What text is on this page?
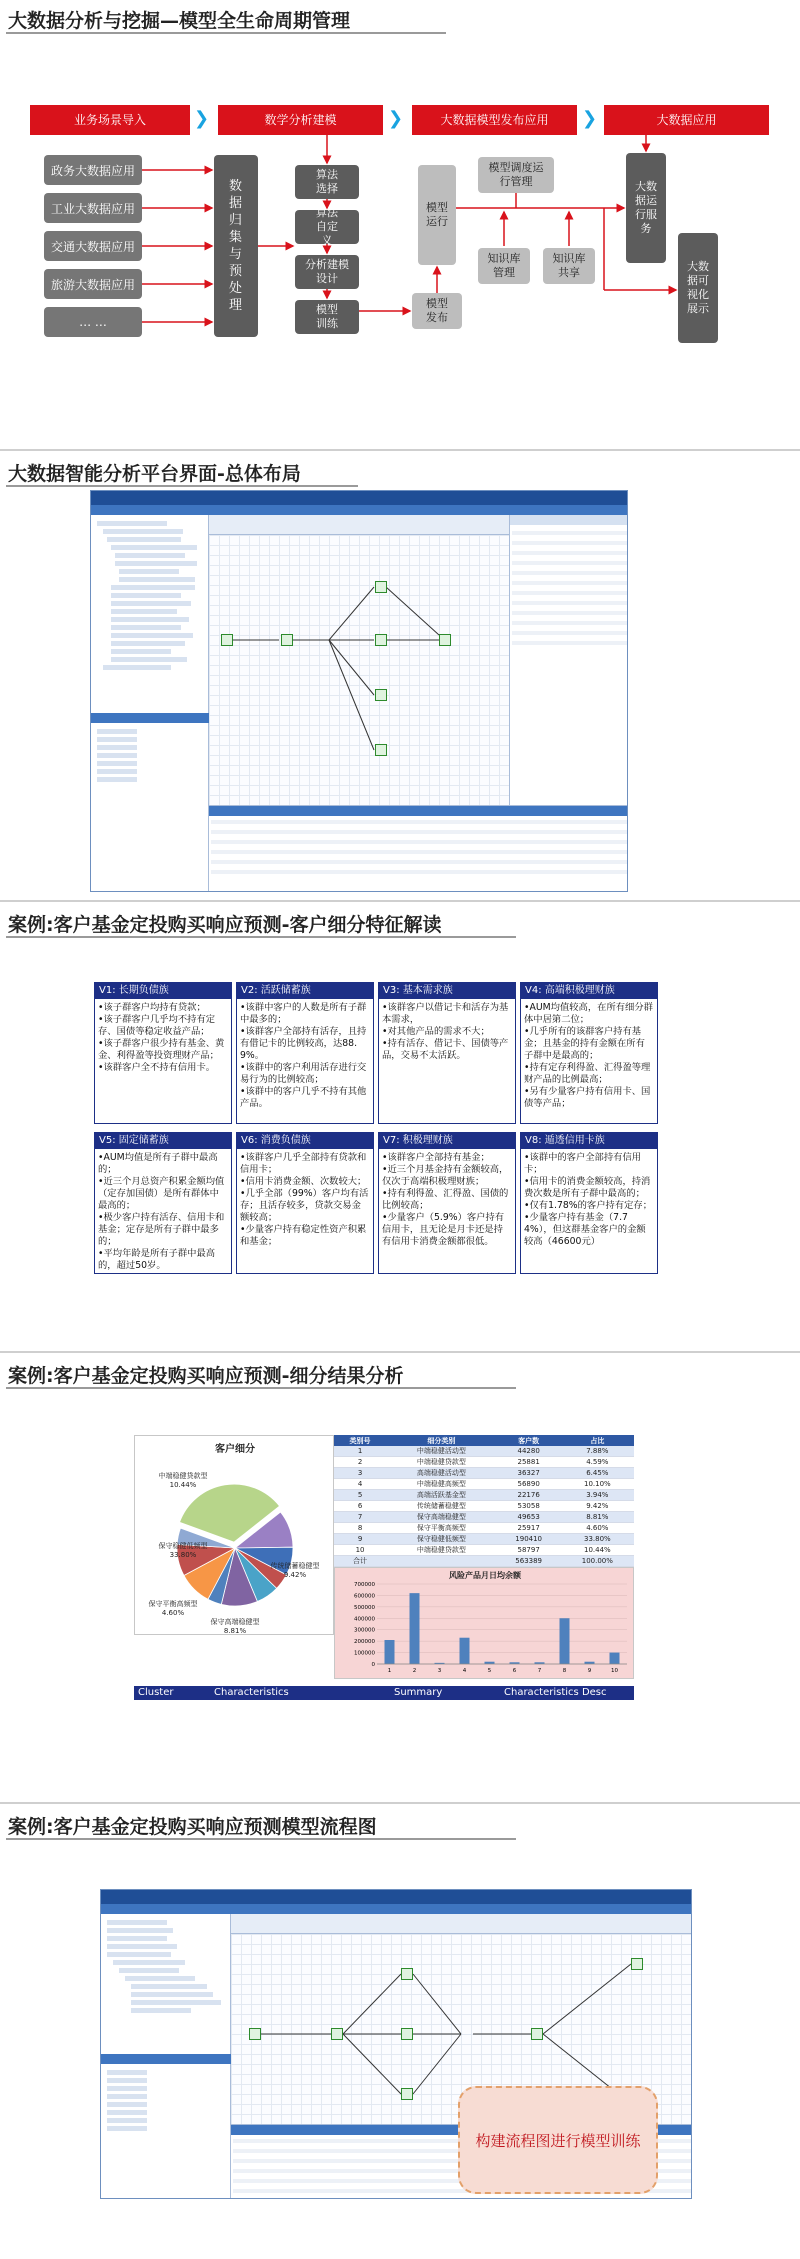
大数据分析与挖掘—模型全生命周期管理
业务场景导入	❯	数学分析建模	❯	大数据模型发布应用	❯	大数据应用
政务大数据应用
工业大数据应用
交通大数据应用
旅游大数据应用
… …
数据归集与预处理
算法选择
算法自定义
分析建模设计
模型训练
模型运行
模型调度运行管理
知识库管理
知识库共享
模型发布
大数据运行服务
大数据可视化展示
大数据智能分析平台界面-总体布局
案例:客户基金定投购买响应预测-客户细分特征解读
V1: 长期负债族
•该子群客户均持有贷款；
•该子群客户几乎均不持有定存、国债等稳定收益产品；
•该子群客户很少持有基金、黄金、利得盈等投资理财产品；
•该群客户全不持有信用卡。
V2: 活跃储蓄族
•该群中客户的人数是所有子群中最多的；
•该群客户全部持有活存，且持有借记卡的比例较高，达88.9%。
•该群中的客户利用活存进行交易行为的比例较高；
•该群中的客户几乎不持有其他产品。
V3: 基本需求族
•该群客户以借记卡和活存为基本需求，
•对其他产品的需求不大；
•持有活存、借记卡、国债等产品，交易不太活跃。
V4: 高端积极理财族
•AUM均值较高，在所有细分群体中居第二位；
•几乎所有的该群客户持有基金；且基金的持有金额在所有子群中是最高的；
•持有定存利得盈、汇得盈等理财产品的比例最高；
•另有少量客户持有信用卡、国债等产品；
V5: 固定储蓄族
•AUM均值是所有子群中最高的；
•近三个月总资产积累金额均值（定存加国债）是所有群体中最高的；
•极少客户持有活存、信用卡和基金；定存是所有子群中最多的；
•平均年龄是所有子群中最高的，超过50岁。
V6: 消费负债族
•该群客户几乎全部持有贷款和信用卡；
•信用卡消费金额、次数较大；
•几乎全部（99%）客户均有活存；且活存较多，贷款交易金额较高；
•少量客户持有稳定性资产积累和基金；
V7: 积极理财族
•该群客户全部持有基金；
•近三个月基金持有金额较高，仅次于高端积极理财族；
•持有利得盈、汇得盈、国债的比例较高；
•少量客户（5.9%）客户持有信用卡，且无论是月卡还是持有信用卡消费金额都很低。
V8: 遁透信用卡族
•该群中的客户全部持有信用卡；
•信用卡的消费金额较高，持消费次数是所有子群中最高的；
•仅有1.78%的客户持有定存；
•少量客户持有基金（7.74%），但这群基金客户的金额较高（46600元）
案例:客户基金定投购买响应预测-细分结果分析
客户细分
保守稳健低频型
33.80%
中端稳健贷款型
10.44%
传统储蓄稳健型
9.42%
保守高端稳健型
8.81%
保守平衡高频型
4.60%
类别号	细分类别	客户数	占比
1	中端稳健活动型	44280	7.88%
2	中端稳健贷款型	25881	4.59%
3	高端稳健活动型	36327	6.45%
4	中端稳健高频型	56890	10.10%
5	高端活跃基金型	22176	3.94%
6	传统储蓄稳健型	53058	9.42%
7	保守高端稳健型	49653	8.81%
8	保守平衡高频型	25917	4.60%
9	保守稳健低频型	190410	33.80%
10	中端稳健贷款型	58797	10.44%
合计		563389	100.00%
风险产品月日均余额
0
100000
200000
300000
400000
500000
600000
700000
1	2	3	4	5	6	7	8	9	10
Cluster	Characteristics	Summary	Characteristics Desc
案例:客户基金定投购买响应预测模型流程图
构建流程图进行模型训练
